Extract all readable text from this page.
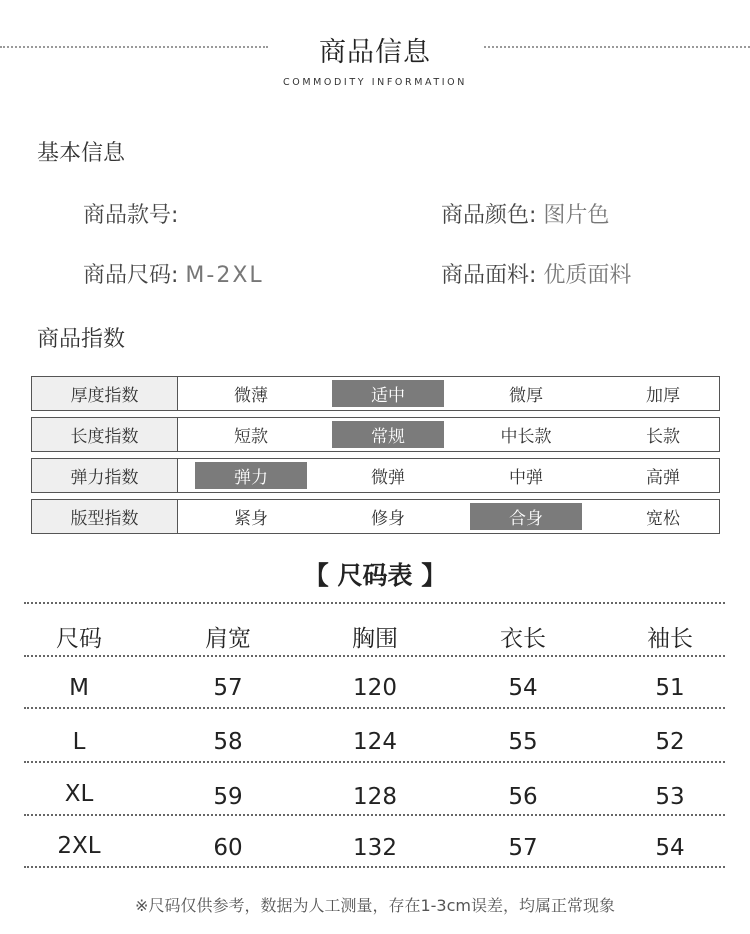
商品信息
COMMODITY INFORMATION
基本信息
商品款号:	商品颜色: 图片色
商品尺码: M-2XL	商品面料: 优质面料
商品指数
厚度指数	微薄	适中	微厚	加厚
长度指数	短款	常规	中长款	长款
弹力指数	弹力	微弹	中弹	高弹
版型指数	紧身	修身	合身	宽松
【 尺码表 】
尺码	肩宽	胸围	衣长	袖长
M	57	120	54	51
L	58	124	55	52
XL	59	128	56	53
2XL	60	132	57	54
※尺码仅供参考，数据为人工测量，存在1-3cm误差，均属正常现象
